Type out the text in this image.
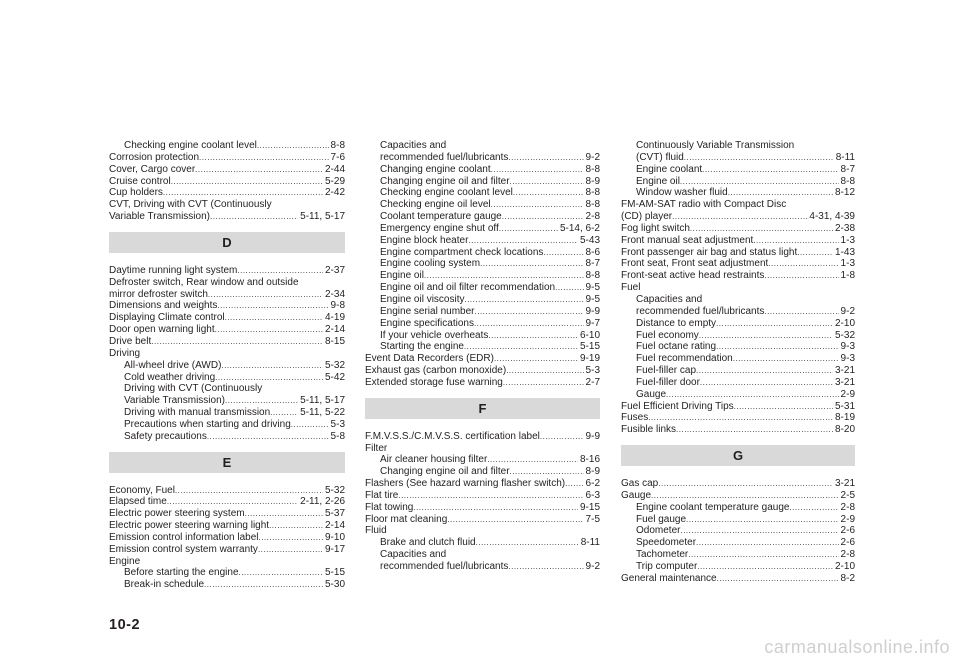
Checking engine coolant level .....	8-8
Corrosion protection .....	7-6
Cover, Cargo cover .....	2-44
Cruise control .....	5-29
Cup holders .....	2-42
CVT, Driving with CVT (Continuously
Variable Transmission) .....	5-11, 5-17
D
Daytime running light system .....	2-37
Defroster switch, Rear window and outside
mirror defroster switch .....	2-34
Dimensions and weights .....	9-8
Displaying Climate control .....	4-19
Door open warning light .....	2-14
Drive belt .....	8-15
Driving
All-wheel drive (AWD) .....	5-32
Cold weather driving .....	5-42
Driving with CVT (Continuously
Variable Transmission) .....	5-11, 5-17
Driving with manual transmission .....	5-11, 5-22
Precautions when starting and driving .....	5-3
Safety precautions .....	5-8
E
Economy, Fuel .....	5-32
Elapsed time .....	2-11, 2-26
Electric power steering system .....	5-37
Electric power steering warning light .....	2-14
Emission control information label .....	9-10
Emission control system warranty .....	9-17
Engine
Before starting the engine .....	5-15
Break-in schedule .....	5-30
Capacities and
recommended fuel/lubricants .....	9-2
Changing engine coolant .....	8-8
Changing engine oil and filter .....	8-9
Checking engine coolant level .....	8-8
Checking engine oil level .....	8-8
Coolant temperature gauge .....	2-8
Emergency engine shut off .....	5-14, 6-2
Engine block heater .....	5-43
Engine compartment check locations .....	8-6
Engine cooling system .....	8-7
Engine oil .....	8-8
Engine oil and oil filter recommendation .....	9-5
Engine oil viscosity .....	9-5
Engine serial number .....	9-9
Engine specifications .....	9-7
If your vehicle overheats .....	6-10
Starting the engine .....	5-15
Event Data Recorders (EDR) .....	9-19
Exhaust gas (carbon monoxide) .....	5-3
Extended storage fuse warning .....	2-7
F
F.M.V.S.S./C.M.V.S.S. certification label .....	9-9
Filter
Air cleaner housing filter .....	8-16
Changing engine oil and filter .....	8-9
Flashers (See hazard warning flasher switch) ..... 6-2
Flat tire .....	6-3
Flat towing .....	9-15
Floor mat cleaning .....	7-5
Fluid
Brake and clutch fluid .....	8-11
Capacities and
recommended fuel/lubricants .....	9-2
Continuously Variable Transmission
(CVT) fluid .....	8-11
Engine coolant .....	8-7
Engine oil .....	8-8
Window washer fluid .....	8-12
FM-AM-SAT radio with Compact Disc
(CD) player .....	4-31, 4-39
Fog light switch .....	2-38
Front manual seat adjustment .....	1-3
Front passenger air bag and status light .....	1-43
Front seat, Front seat adjustment .....	1-3
Front-seat active head restraints .....	1-8
Fuel
Capacities and
recommended fuel/lubricants .....	9-2
Distance to empty .....	2-10
Fuel economy .....	5-32
Fuel octane rating .....	9-3
Fuel recommendation .....	9-3
Fuel-filler cap .....	3-21
Fuel-filler door .....	3-21
Gauge .....	2-9
Fuel Efficient Driving Tips .....	5-31
Fuses .....	8-19
Fusible links .....	8-20
G
Gas cap .....	3-21
Gauge .....	2-5
Engine coolant temperature gauge .....	2-8
Fuel gauge .....	2-9
Odometer .....	2-6
Speedometer .....	2-6
Tachometer .....	2-8
Trip computer .....	2-10
General maintenance .....	8-2
10-2
carmanualsonline.info
